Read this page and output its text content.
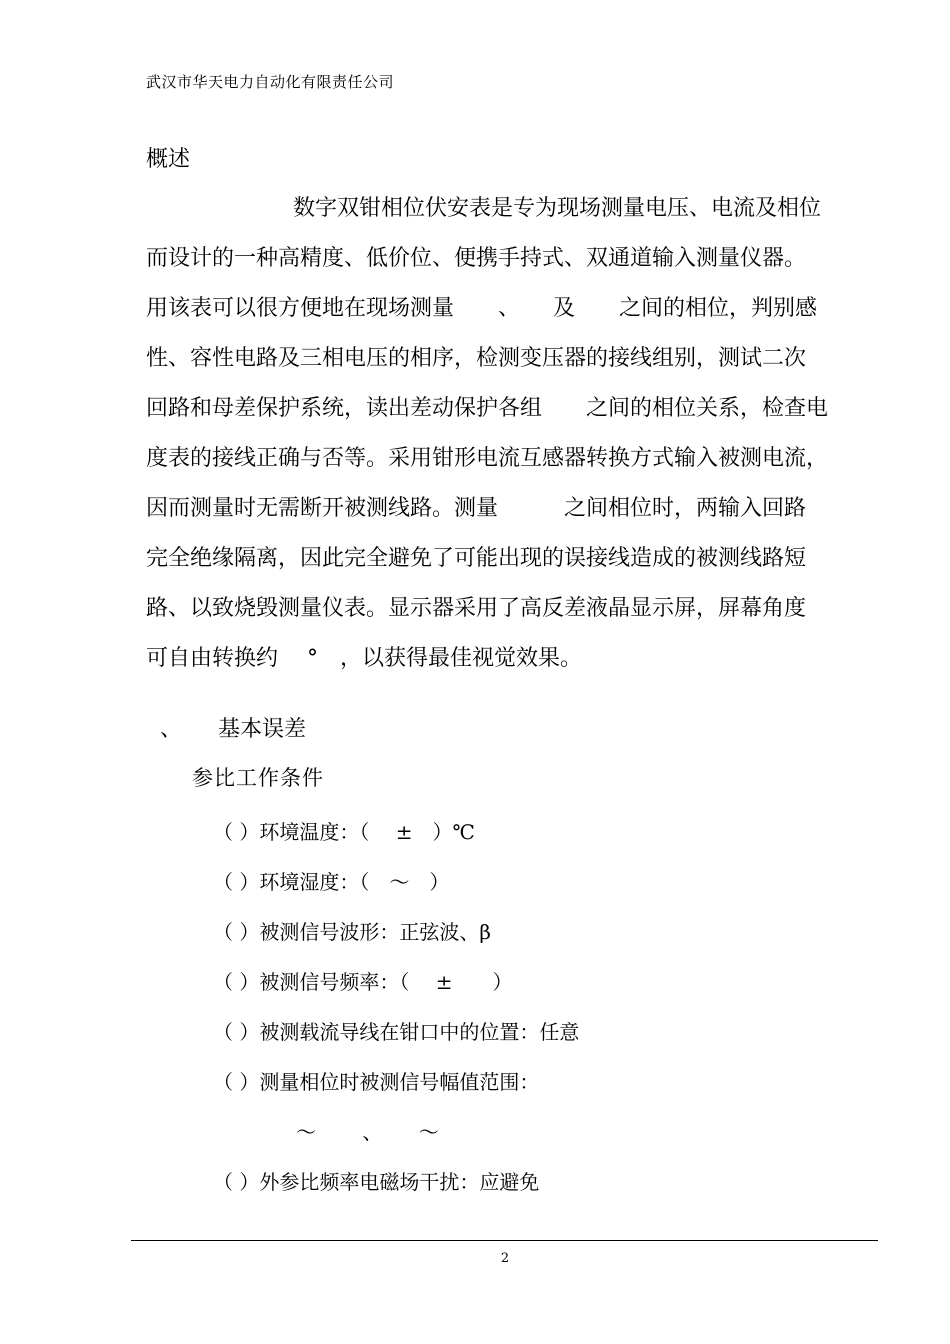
武汉市华天电力自动化有限责任公司
概述
数字双钳相位伏安表是专为现场测量电压、电流及相位
而设计的一种高精度、低价位、便携手持式、双通道输入测量仪器。
用该表可以很方便地在现场测量　　、　　及　　之间的相位，判别感
性、容性电路及三相电压的相序，检测变压器的接线组别，测试二次
回路和母差保护系统，读出差动保护各组　　之间的相位关系，检查电
度表的接线正确与否等。采用钳形电流互感器转换方式输入被测电流，
因而测量时无需断开被测线路。测量　　　之间相位时，两输入回路
完全绝缘隔离，因此完全避免了可能出现的误接线造成的被测线路短
路、以致烧毁测量仪表。显示器采用了高反差液晶显示屏，屏幕角度
可自由转换约　 °　，以获得最佳视觉效果。
、 基本误差
参比工作条件
（ ）环境温度：（　 ±　）℃
（ ）环境湿度：（　～　）
（ ）被测信号波形：正弦波、β
（ ）被测信号频率：（　 ±　　）
（ ）被测载流导线在钳口中的位置：任意
（ ）测量相位时被测信号幅值范围：
～　　 、　　 ～
（ ）外参比频率电磁场干扰：应避免
2
